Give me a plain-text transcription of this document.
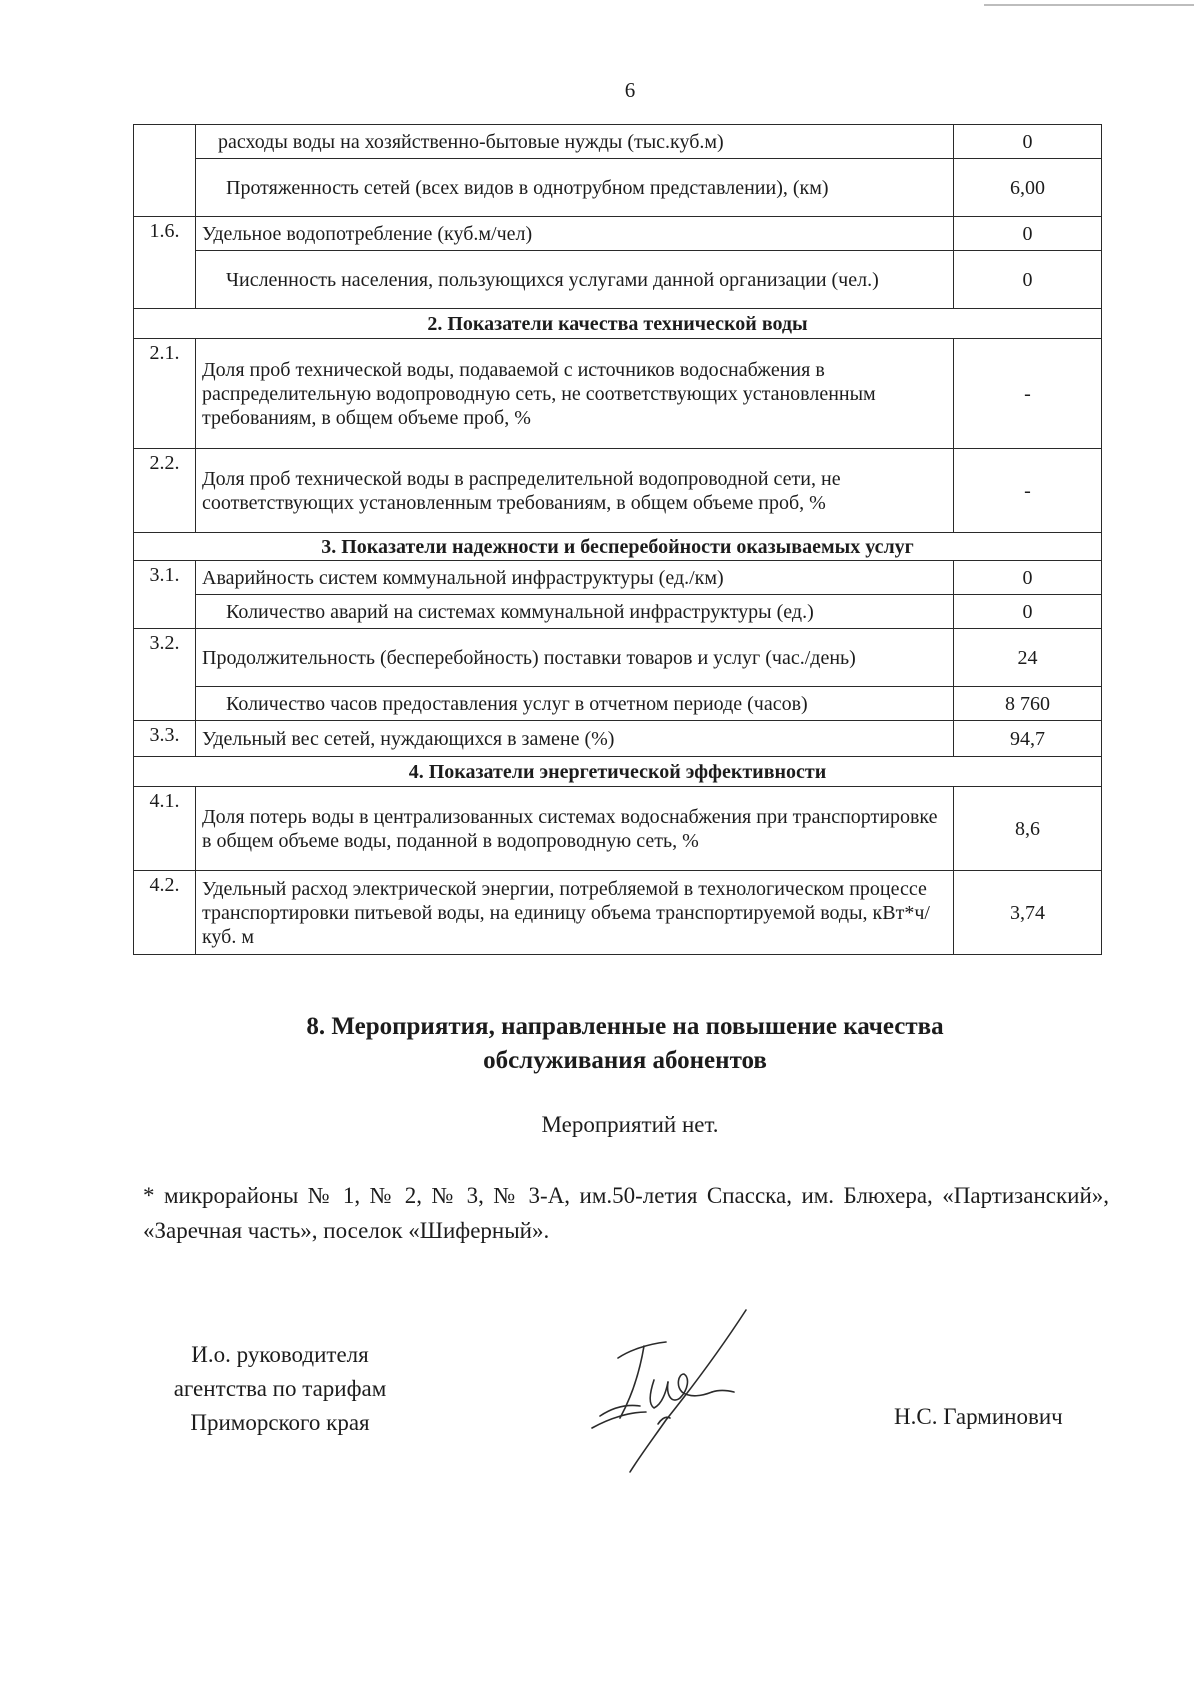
6
	расходы воды на хозяйственно-бытовые нужды (тыс.куб.м)	0
	Протяженность сетей (всех видов в однотрубном представлении), (км)	6,00
1.6.	Удельное водопотребление (куб.м/чел)	0
	Численность населения, пользующихся услугами данной организации (чел.)	0
2. Показатели качества технической воды		
2.1.	Доля проб технической воды, подаваемой с источников водоснабжения в распределительную водопроводную сеть, не соответствующих установленным требованиям, в общем объеме проб, %	-
2.2.	Доля проб технической воды в распределительной водопроводной сети, не соответствующих установленным требованиям, в общем объеме проб, %	-
3. Показатели надежности и бесперебойности оказываемых услуг		
3.1.	Аварийность систем коммунальной инфраструктуры (ед./км)	0
	Количество аварий на системах коммунальной инфраструктуры (ед.)	0
3.2.	Продолжительность (бесперебойность) поставки товаров и услуг (час./день)	24
	Количество часов предоставления услуг в отчетном периоде (часов)	8 760
3.3.	Удельный вес сетей, нуждающихся в замене (%)	94,7
4. Показатели энергетической эффективности		
4.1.	Доля потерь воды в централизованных системах водоснабжения при транспортировке в общем объеме воды, поданной в водопроводную сеть, %	8,6
4.2.	Удельный расход электрической энергии, потребляемой в технологическом процессе транспортировки питьевой воды, на единицу объема транспортируемой воды, кВт*ч/куб. м	3,74
8. Мероприятия, направленные на повышение качества
обслуживания абонентов
Мероприятий нет.
* микрорайоны № 1, № 2, № 3, № 3-А, им.50-летия Спасска, им. Блюхера, «Партизанский», «Заречная часть», поселок «Шиферный».
И.о. руководителя
агентства по тарифам
Приморского края	Н.С. Гарминович
